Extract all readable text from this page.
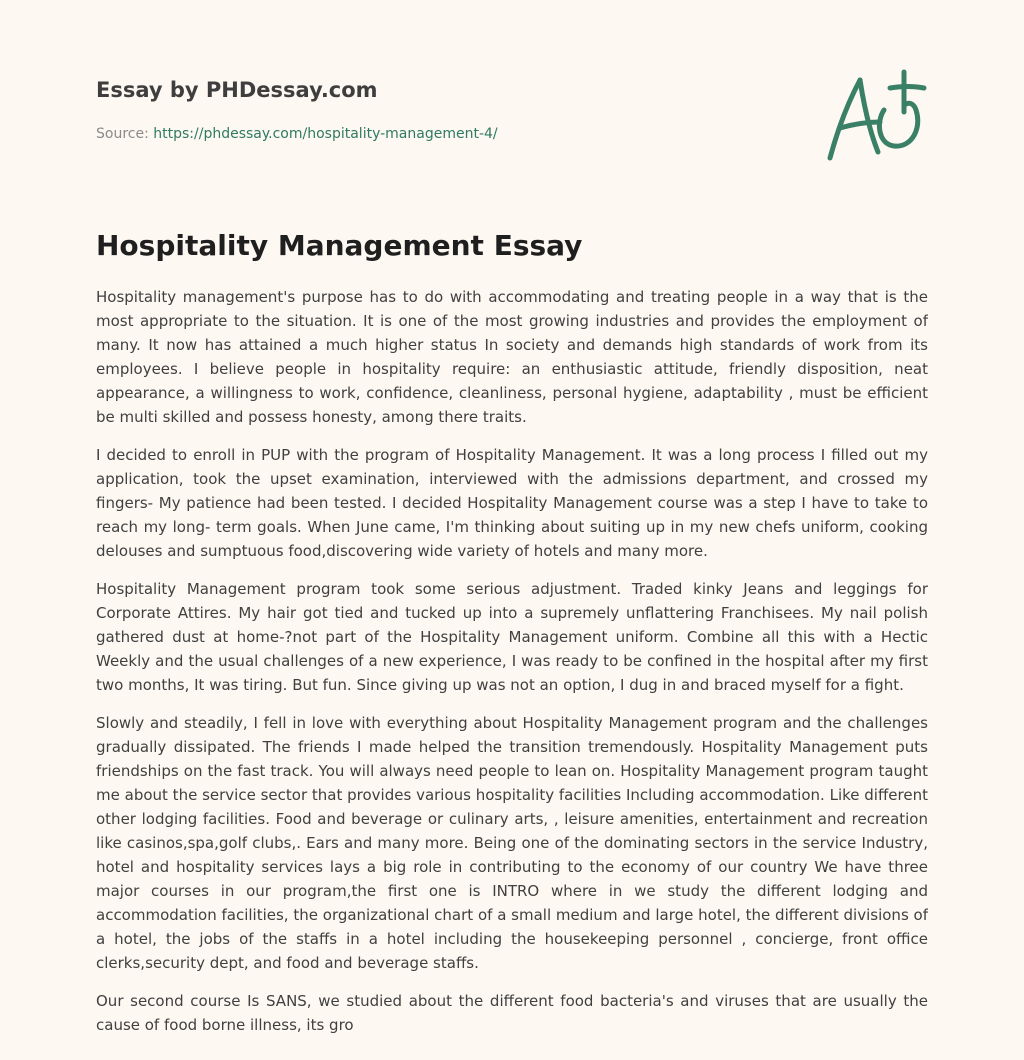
Essay by PHDessay.com
Source: https://phdessay.com/hospitality-management-4/
Hospitality Management Essay

Hospitality management's purpose has to do with accommodating and treating people in a way that is the most appropriate to the situation. It is one of the most growing industries and provides the employment of many. It now has attained a much higher status In society and demands high standards of work from its employees. I believe people in hospitality require: an enthusiastic attitude, friendly disposition, neat appearance, a willingness to work, confidence, cleanliness, personal hygiene, adaptability , must be efficient be multi skilled and possess honesty, among there traits.

I decided to enroll in PUP with the program of Hospitality Management. It was a long process I filled out my application, took the upset examination, interviewed with the admissions department, and crossed my fingers- My patience had been tested. I decided Hospitality Management course was a step I have to take to reach my long- term goals. When June came, I'm thinking about suiting up in my new chefs uniform, cooking delouses and sumptuous food,discovering wide variety of hotels and many more.

Hospitality Management program took some serious adjustment. Traded kinky Jeans and leggings for Corporate Attires. My hair got tied and tucked up into a supremely unflattering Franchisees. My nail polish gathered dust at home-?not part of the Hospitality Management uniform. Combine all this with a Hectic Weekly and the usual challenges of a new experience, I was ready to be confined in the hospital after my first two months, It was tiring. But fun. Since giving up was not an option, I dug in and braced myself for a fight.

Slowly and steadily, I fell in love with everything about Hospitality Management program and the challenges gradually dissipated. The friends I made helped the transition tremendously. Hospitality Management puts friendships on the fast track. You will always need people to lean on. Hospitality Management program taught me about the service sector that provides various hospitality facilities Including accommodation. Like different other lodging facilities. Food and beverage or culinary arts, , leisure amenities, entertainment and recreation like casinos,spa,golf clubs,. Ears and many more. Being one of the dominating sectors in the service Industry, hotel and hospitality services lays a big role in contributing to the economy of our country We have three major courses in our program,the first one is INTRO where in we study the different lodging and accommodation facilities, the organizational chart of a small medium and large hotel, the different divisions of a hotel, the jobs of the staffs in a hotel including the housekeeping personnel , concierge, front office clerks,security dept, and food and beverage staffs.

Our second course Is SANS, we studied about the different food bacteria's and viruses that are usually the cause of food borne illness, its gro
